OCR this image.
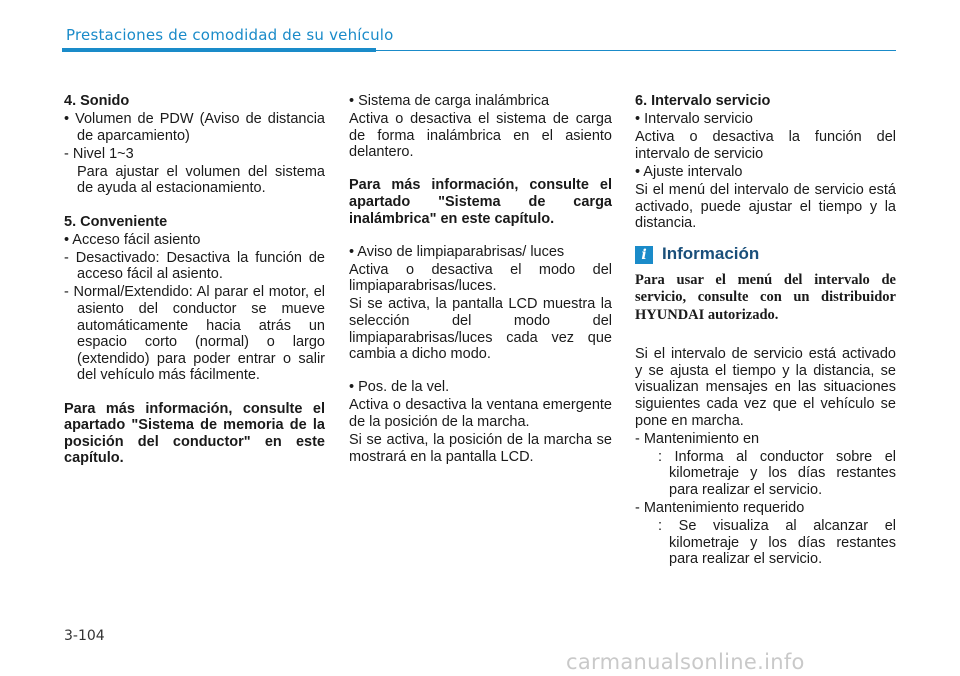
Prestaciones de comodidad de su vehículo

4. Sonido

• Volumen de PDW (Aviso de distancia de aparcamiento)

- Nivel 1~3

Para ajustar el volumen del sistema de ayuda al estacionamiento.

5. Conveniente

• Acceso fácil asiento

- Desactivado: Desactiva la función de acceso fácil al asiento.

- Normal/Extendido: Al parar el motor, el asiento del conductor se mueve automáticamente hacia atrás un espacio corto (normal) o largo (extendido) para poder entrar o salir del vehículo más fácilmente.

Para más información, consulte el apartado "Sistema de memoria de la posición del conductor" en este capítulo.

• Sistema de carga inalámbrica

Activa o desactiva el sistema de carga de forma inalámbrica en el asiento delantero.

Para más información, consulte el apartado "Sistema de carga inalámbrica" en este capítulo.

• Aviso de limpiaparabrisas/ luces

Activa o desactiva el modo del limpiaparabrisas/luces.

Si se activa, la pantalla LCD muestra la selección del modo del limpiaparabrisas/luces cada vez que cambia a dicho modo.

• Pos. de la vel.

Activa o desactiva la ventana emergente de la posición de la marcha.

Si se activa, la posición de la marcha se mostrará en la pantalla LCD.

6. Intervalo servicio

• Intervalo servicio

Activa o desactiva la función del intervalo de servicio

• Ajuste intervalo

Si el menú del intervalo de servicio está activado, puede ajustar el tiempo y la distancia.

i Información

Para usar el menú del intervalo de servicio, consulte con un distribuidor HYUNDAI autorizado.

Si el intervalo de servicio está activado y se ajusta el tiempo y la distancia, se visualizan mensajes en las situaciones siguientes cada vez que el vehículo se pone en marcha.

- Mantenimiento en

: Informa al conductor sobre el kilometraje y los días restantes para realizar el servicio.

- Mantenimiento requerido

: Se visualiza al alcanzar el kilometraje y los días restantes para realizar el servicio.

3-104
carmanualsonline.info
